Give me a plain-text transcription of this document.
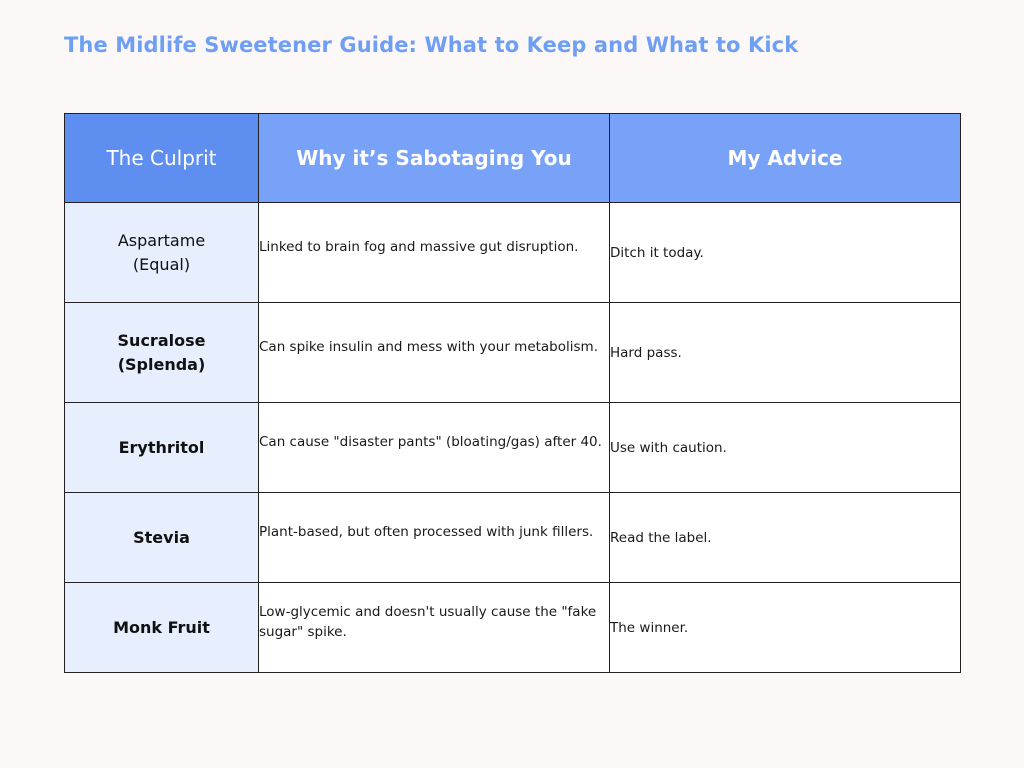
The Midlife Sweetener Guide: What to Keep and What to Kick
The Culprit	Why it’s Sabotaging You	My Advice

Aspartame (Equal)	Linked to brain fog and massive gut disruption.	Ditch it today.

Sucralose (Splenda)	Can spike insulin and mess with your metabolism.	Hard pass.

Erythritol	Can cause "disaster pants" (bloating/gas) after 40.	Use with caution.

Stevia	Plant-based, but often processed with junk fillers.	Read the label.

Monk Fruit	Low-glycemic and doesn't usually cause the "fake sugar" spike.	The winner.
